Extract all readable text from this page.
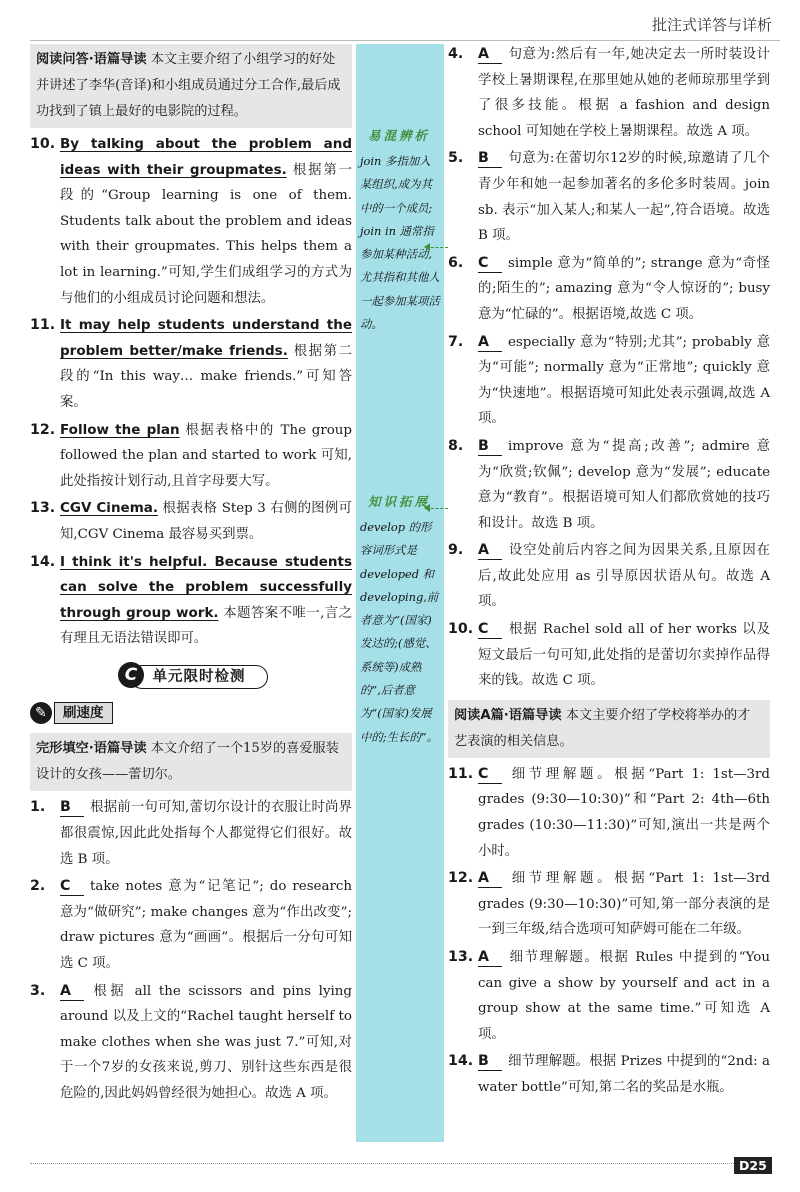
批注式详答与详析
阅读问答·语篇导读 本文主要介绍了小组学习的好处并讲述了李华(音译)和小组成员通过分工合作,最后成功找到了镇上最好的电影院的过程。
10. By talking about the problem and ideas with their groupmates. 根据第一段的“Group learning is one of them. Students talk about the problem and ideas with their groupmates. This helps them a lot in learning.”可知,学生们成组学习的方式为与他们的小组成员讨论问题和想法。
11. It may help students understand the problem better/make friends. 根据第二段的“In this way… make friends.”可知答案。
12. Follow the plan 根据表格中的 The group followed the plan and started to work 可知,此处指按计划行动,且首字母要大写。
13. CGV Cinema. 根据表格 Step 3 右侧的图例可知,CGV Cinema 最容易买到票。
14. I think it's helpful. Because students can solve the problem successfully through group work. 本题答案不唯一,言之有理且无语法错误即可。
单元限时检测
C
✎
刷速度
完形填空·语篇导读 本文介绍了一个15岁的喜爱服装设计的女孩——蕾切尔。
1. B 根据前一句可知,蕾切尔设计的衣服让时尚界都很震惊,因此此处指每个人都觉得它们很好。故选 B 项。
2. C take notes 意为“记笔记”; do research 意为“做研究”; make changes 意为“作出改变”; draw pictures 意为“画画”。根据后一分句可知选 C 项。
3. A 根据 all the scissors and pins lying around 以及上文的“Rachel taught herself to make clothes when she was just 7.”可知,对于一个7岁的女孩来说,剪刀、别针这些东西是很危险的,因此妈妈曾经很为她担心。故选 A 项。
易混辨析
join 多指加入某组织,成为其中的一个成员; join in 通常指参加某种活动,尤其指和其他人一起参加某项活动。
知识拓展
develop 的形容词形式是 developed 和 developing,前者意为“(国家)发达的;(感觉、系统等)成熟的”,后者意为“(国家)发展中的;生长的”。
4. A 句意为:然后有一年,她决定去一所时装设计学校上暑期课程,在那里她从她的老师琼那里学到了很多技能。根据 a fashion and design school 可知她在学校上暑期课程。故选 A 项。
5. B 句意为:在蕾切尔12岁的时候,琼邀请了几个青少年和她一起参加著名的多伦多时装周。join sb. 表示“加入某人;和某人一起”,符合语境。故选 B 项。
6. C simple 意为“简单的”; strange 意为“奇怪的;陌生的”; amazing 意为“令人惊讶的”; busy 意为“忙碌的”。根据语境,故选 C 项。
7. A especially 意为“特别;尤其”; probably 意为“可能”; normally 意为“正常地”; quickly 意为“快速地”。根据语境可知此处表示强调,故选 A 项。
8. B improve 意为“提高;改善”; admire 意为“欣赏;钦佩”; develop 意为“发展”; educate 意为“教育”。根据语境可知人们都欣赏她的技巧和设计。故选 B 项。
9. A 设空处前后内容之间为因果关系,且原因在后,故此处应用 as 引导原因状语从句。故选 A 项。
10. C 根据 Rachel sold all of her works 以及短文最后一句可知,此处指的是蕾切尔卖掉作品得来的钱。故选 C 项。
阅读A篇·语篇导读 本文主要介绍了学校将举办的才艺表演的相关信息。
11. C 细节理解题。根据“Part 1: 1st—3rd grades (9:30—10:30)”和“Part 2: 4th—6th grades (10:30—11:30)”可知,演出一共是两个小时。
12. A 细节理解题。根据“Part 1: 1st—3rd grades (9:30—10:30)”可知,第一部分表演的是一到三年级,结合选项可知萨姆可能在二年级。
13. A 细节理解题。根据 Rules 中提到的“You can give a show by yourself and act in a group show at the same time.”可知选 A 项。
14. B 细节理解题。根据 Prizes 中提到的“2nd: a water bottle”可知,第二名的奖品是水瓶。
D25
